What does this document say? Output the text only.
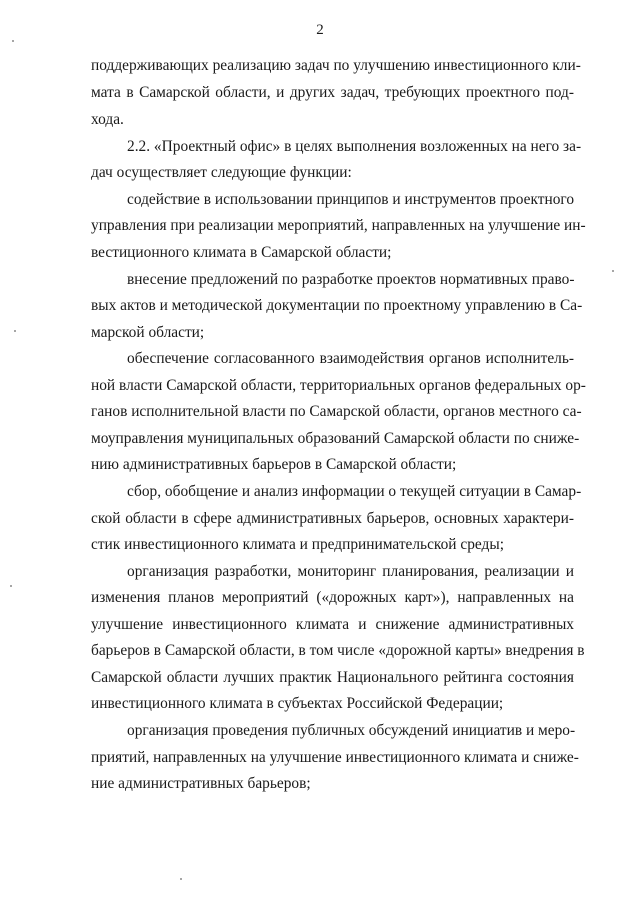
2
поддерживающих реализацию задач по улучшению инвестиционного кли-
мата в Самарской области, и других задач, требующих проектного под-
хода.
2.2. «Проектный офис» в целях выполнения возложенных на него за-
дач осуществляет следующие функции:
содействие в использовании принципов и инструментов проектного
управления при реализации мероприятий, направленных на улучшение ин-
вестиционного климата в Самарской области;
внесение предложений по разработке проектов нормативных право-
вых актов и методической документации по проектному управлению в Са-
марской области;
обеспечение согласованного взаимодействия органов исполнитель-
ной власти Самарской области, территориальных органов федеральных ор-
ганов исполнительной власти по Самарской области, органов местного са-
моуправления муниципальных образований Самарской области по сниже-
нию административных барьеров в Самарской области;
сбор, обобщение и анализ информации о текущей ситуации в Самар-
ской области в сфере административных барьеров, основных характери-
стик инвестиционного климата и предпринимательской среды;
организация разработки, мониторинг планирования, реализации и
изменения планов мероприятий («дорожных карт»), направленных на
улучшение инвестиционного климата и снижение административных
барьеров в Самарской области, в том числе «дорожной карты» внедрения в
Самарской области лучших практик Национального рейтинга состояния
инвестиционного климата в субъектах Российской Федерации;
организация проведения публичных обсуждений инициатив и меро-
приятий, направленных на улучшение инвестиционного климата и сниже-
ние административных барьеров;
